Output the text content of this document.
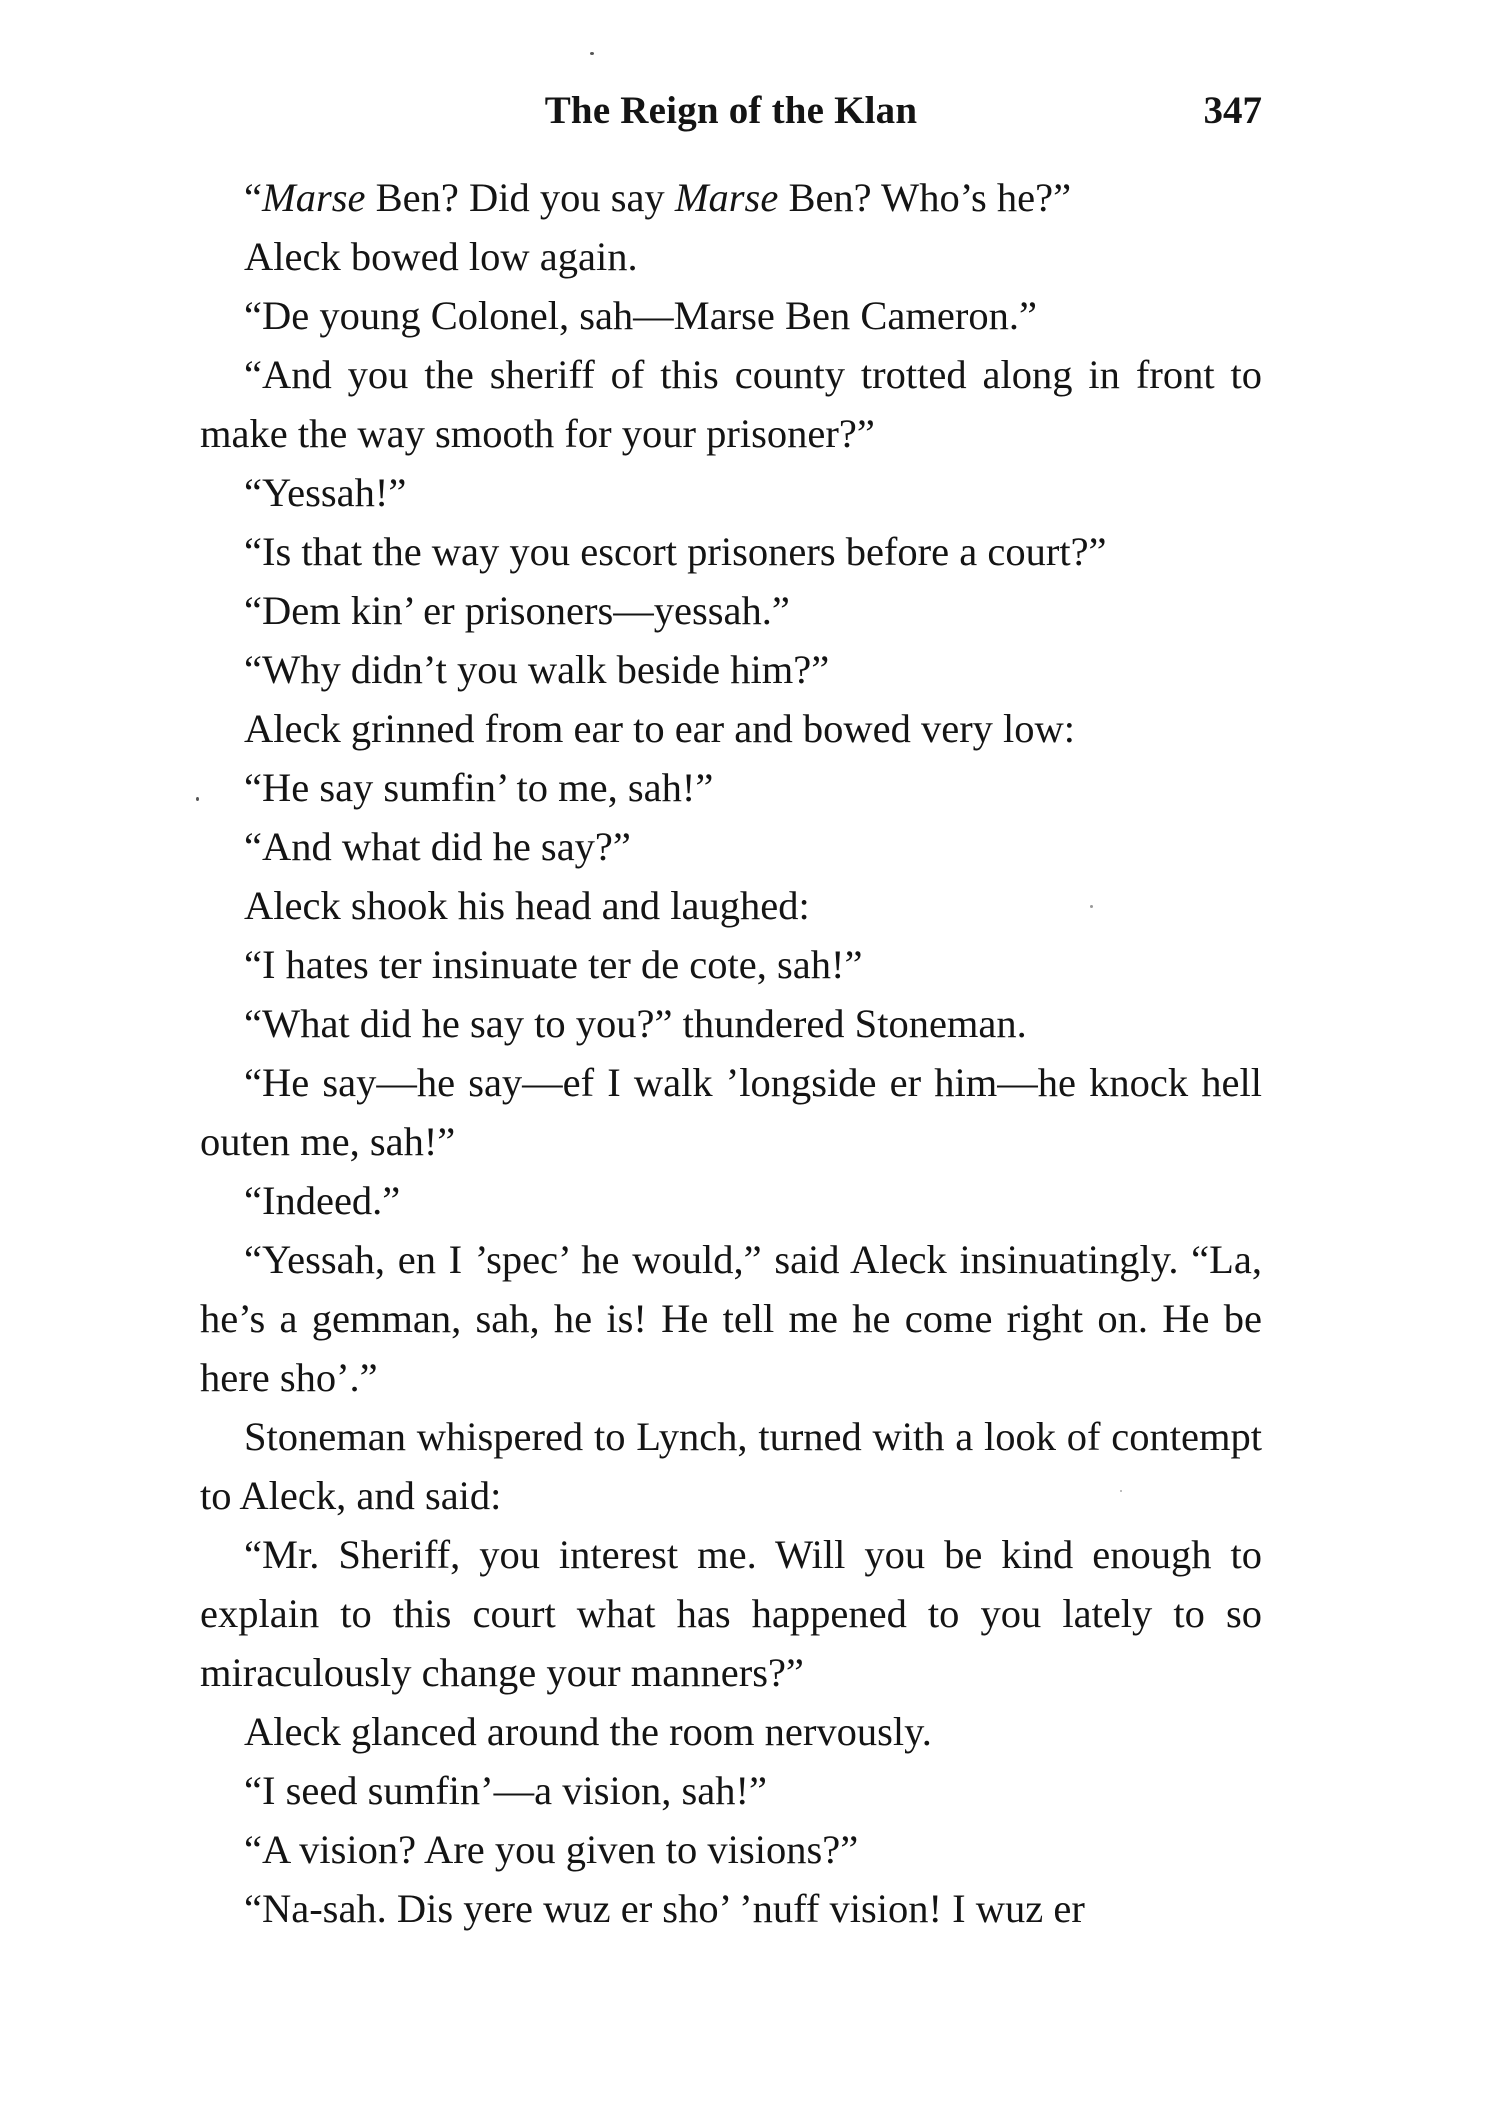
The Reign of the Klan	347

“Marse Ben? Did you say Marse Ben? Who’s he?”

Aleck bowed low again.

“De young Colonel, sah—Marse Ben Cameron.”

“And you the sheriff of this county trotted along in front to make the way smooth for your prisoner?”

“Yessah!”

“Is that the way you escort prisoners before a court?”

“Dem kin’ er prisoners—yessah.”

“Why didn’t you walk beside him?”

Aleck grinned from ear to ear and bowed very low:

“He say sumfin’ to me, sah!”

“And what did he say?”

Aleck shook his head and laughed:

“I hates ter insinuate ter de cote, sah!”

“What did he say to you?” thundered Stoneman.

“He say—he say—ef I walk ’longside er him—he knock hell outen me, sah!”

“Indeed.”

“Yessah, en I ’spec’ he would,” said Aleck insinuatingly. “La, he’s a gemman, sah, he is! He tell me he come right on. He be here sho’.”

Stoneman whispered to Lynch, turned with a look of contempt to Aleck, and said:

“Mr. Sheriff, you interest me. Will you be kind enough to explain to this court what has happened to you lately to so miraculously change your manners?”

Aleck glanced around the room nervously.

“I seed sumfin’—a vision, sah!”

“A vision? Are you given to visions?”

“Na-sah. Dis yere wuz er sho’ ’nuff vision! I wuz er
